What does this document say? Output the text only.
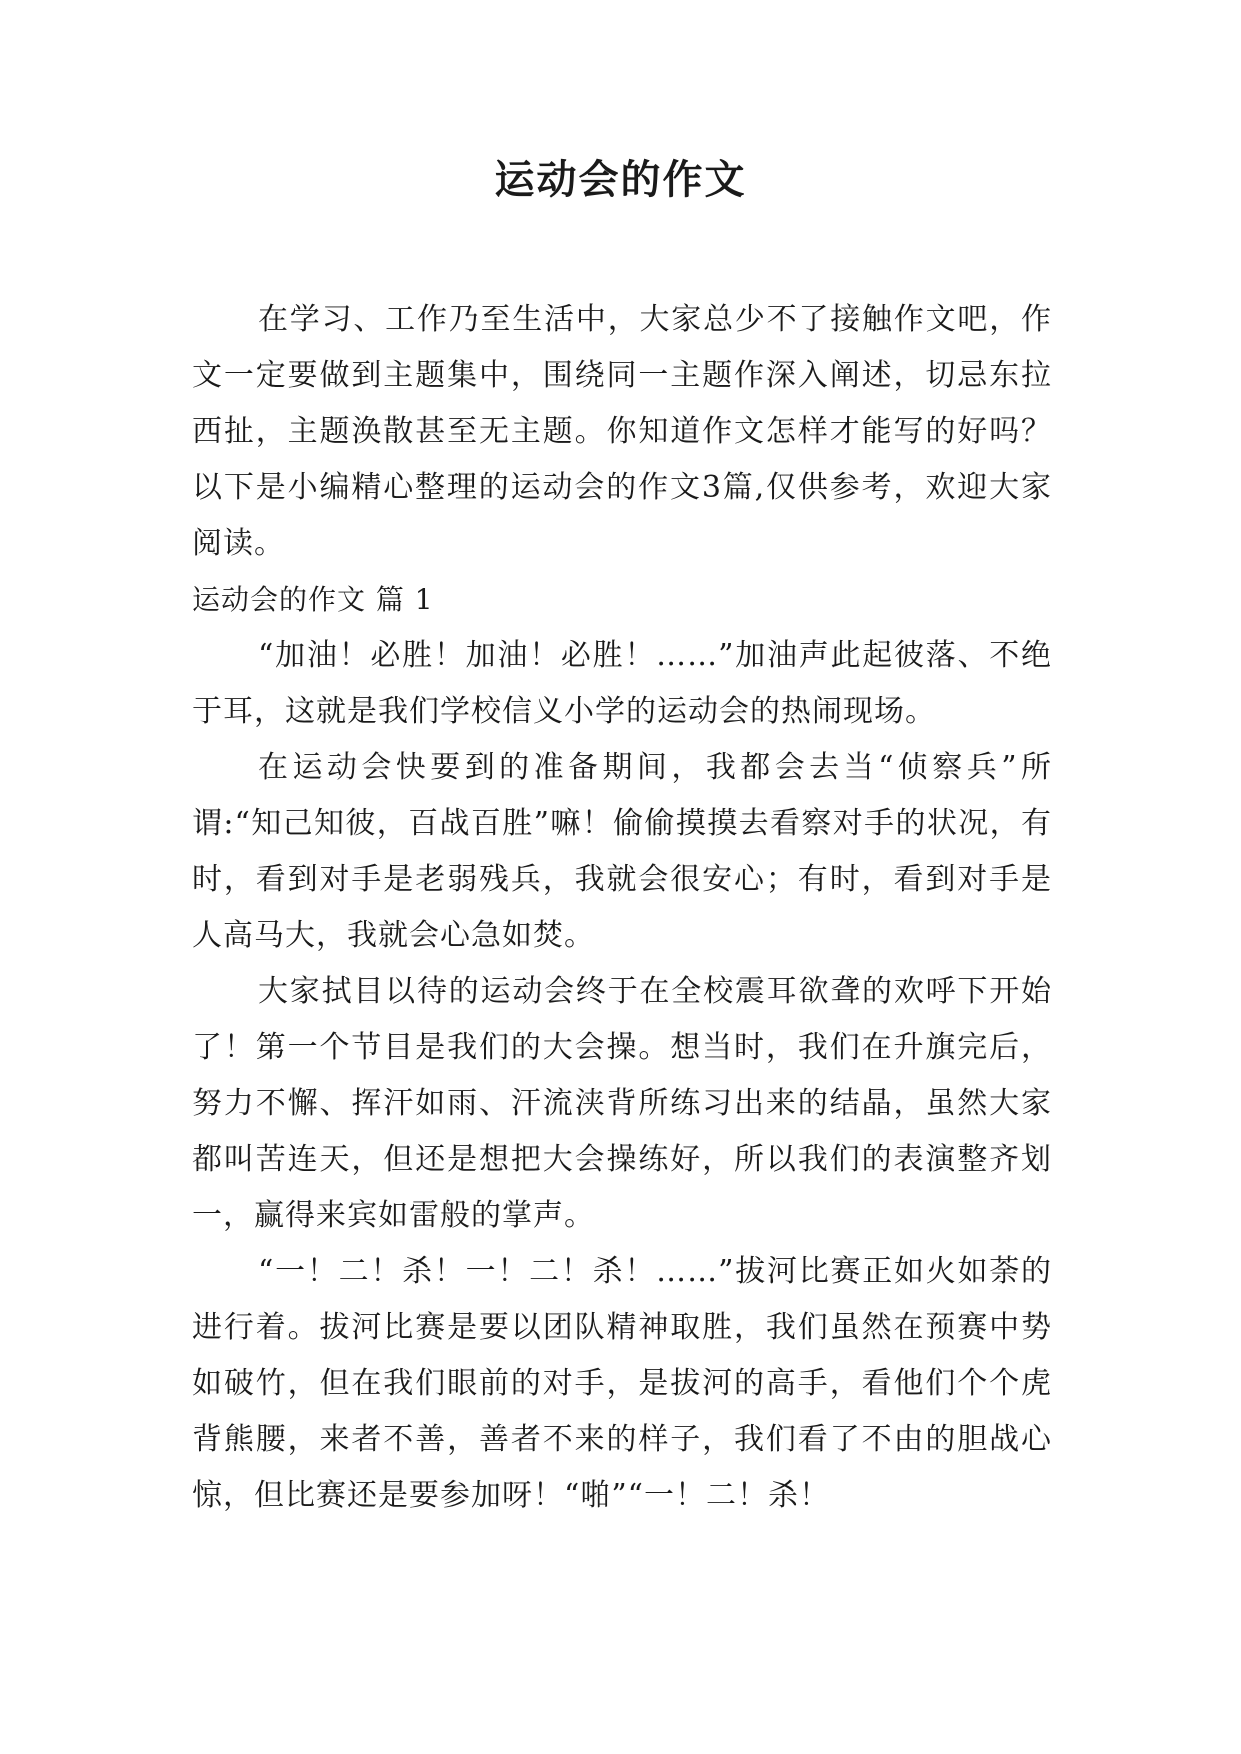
运动会的作文

在学习、工作乃至生活中，大家总少不了接触作文吧，作文一定要做到主题集中，围绕同一主题作深入阐述，切忌东拉西扯，主题涣散甚至无主题。你知道作文怎样才能写的好吗？以下是小编精心整理的运动会的作文3篇,仅供参考，欢迎大家阅读。

运动会的作文 篇 1

“加油！必胜！加油！必胜！……”加油声此起彼落、不绝于耳，这就是我们学校信义小学的运动会的热闹现场。

在运动会快要到的准备期间，我都会去当“侦察兵”所谓:“知己知彼，百战百胜”嘛！偷偷摸摸去看察对手的状况，有时，看到对手是老弱残兵，我就会很安心；有时，看到对手是人高马大，我就会心急如焚。

大家拭目以待的运动会终于在全校震耳欲聋的欢呼下开始了！第一个节目是我们的大会操。想当时，我们在升旗完后，努力不懈、挥汗如雨、汗流浃背所练习出来的结晶，虽然大家都叫苦连天，但还是想把大会操练好，所以我们的表演整齐划一，赢得来宾如雷般的掌声。

“一！二！杀！一！二！杀！……”拔河比赛正如火如荼的进行着。拔河比赛是要以团队精神取胜，我们虽然在预赛中势如破竹，但在我们眼前的对手，是拔河的高手，看他们个个虎背熊腰，来者不善，善者不来的样子，我们看了不由的胆战心惊，但比赛还是要参加呀！“啪”“一！二！杀！
